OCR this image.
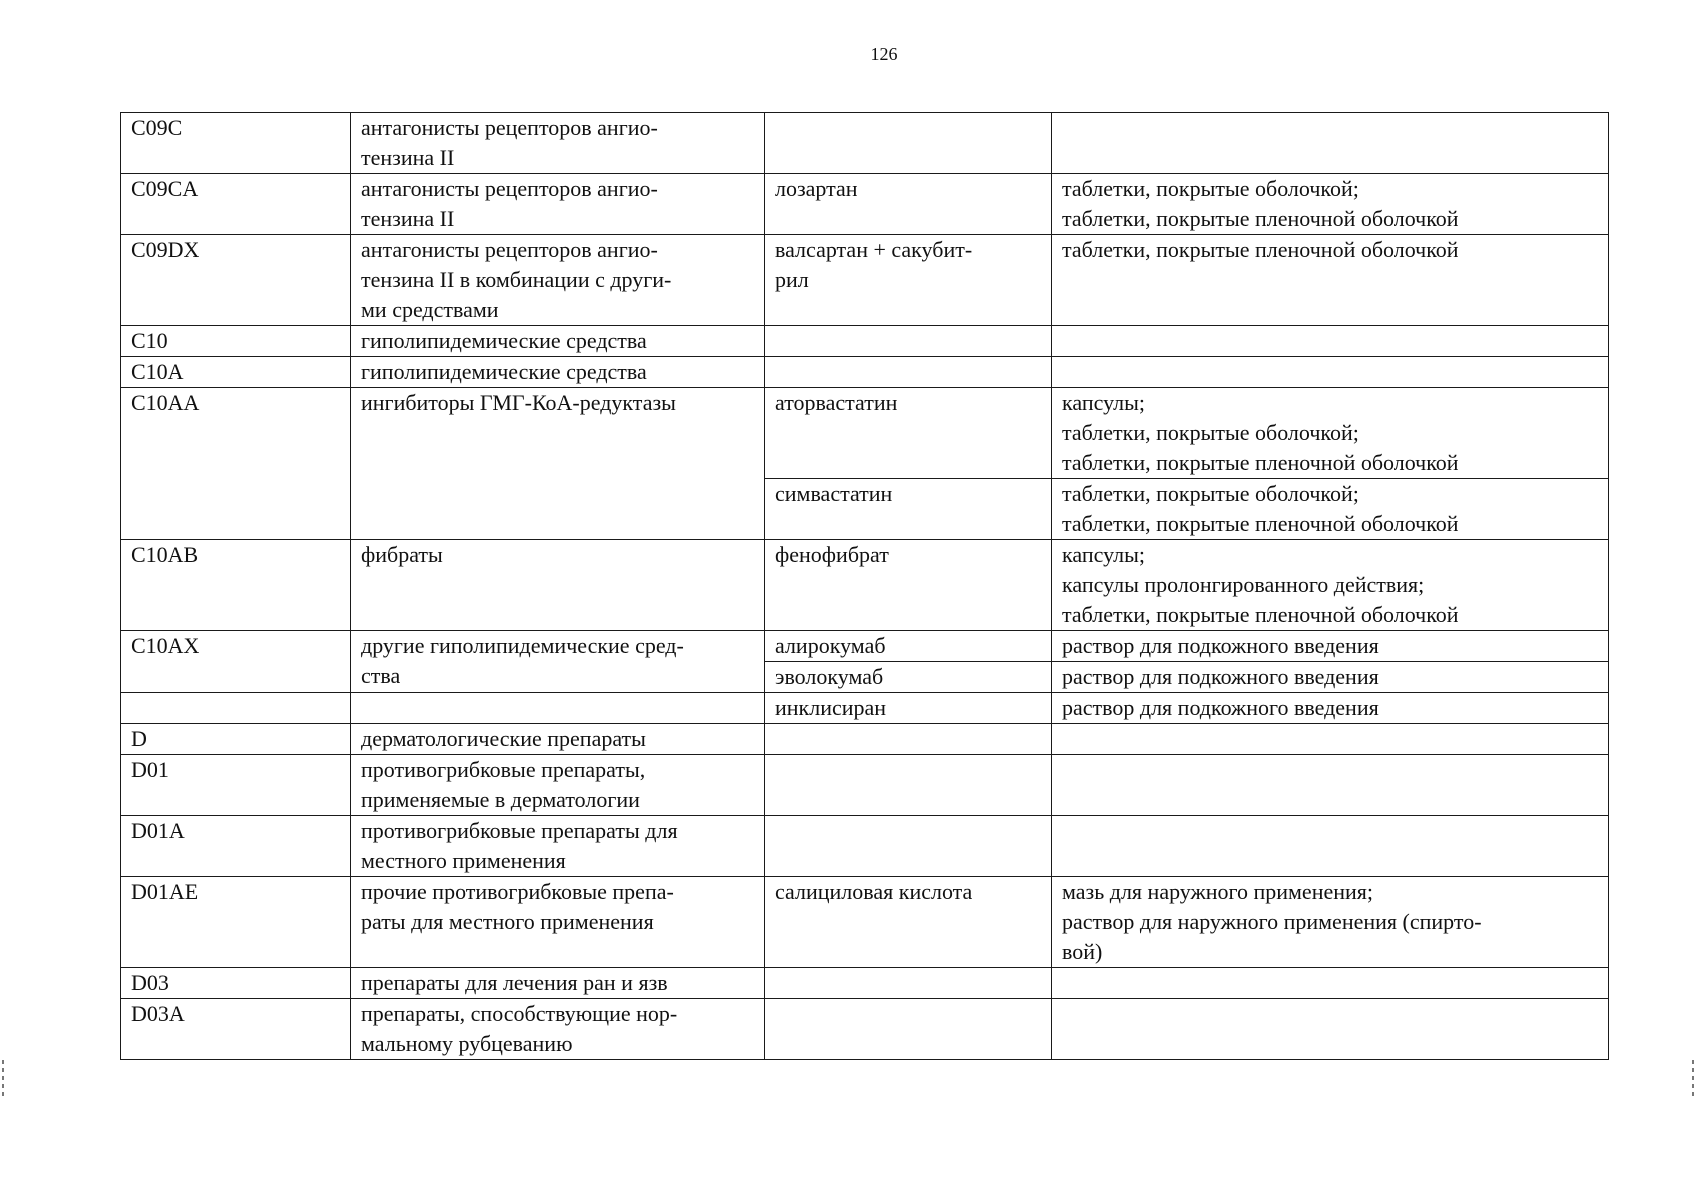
126
C09C	антагонисты рецепторов ангио-
тензина II		
C09CA	антагонисты рецепторов ангио-
тензина II	лозартан	таблетки, покрытые оболочкой;
таблетки, покрытые пленочной оболочкой
C09DX	антагонисты рецепторов ангио-
тензина II в комбинации с други-
ми средствами	валсартан + сакубит-
рил	таблетки, покрытые пленочной оболочкой
C10	гиполипидемические средства		
C10A	гиполипидемические средства		
C10AA	ингибиторы ГМГ-КоА-редуктазы	аторвастатин	капсулы;
таблетки, покрытые оболочкой;
таблетки, покрытые пленочной оболочкой
		симвастатин	таблетки, покрытые оболочкой;
таблетки, покрытые пленочной оболочкой
C10AB	фибраты	фенофибрат	капсулы;
капсулы пролонгированного действия;
таблетки, покрытые пленочной оболочкой
C10AX	другие гиполипидемические сред-
ства	алирокумаб	раствор для подкожного введения
		эволокумаб	раствор для подкожного введения
		инклисиран	раствор для подкожного введения
D	дерматологические препараты		
D01	противогрибковые препараты,
применяемые в дерматологии		
D01A	противогрибковые препараты для
местного применения		
D01AE	прочие противогрибковые препа-
раты для местного применения	салициловая кислота	мазь для наружного применения;
раствор для наружного применения (спирто-
вой)
D03	препараты для лечения ран и язв		
D03A	препараты, способствующие нор-
мальному рубцеванию		
